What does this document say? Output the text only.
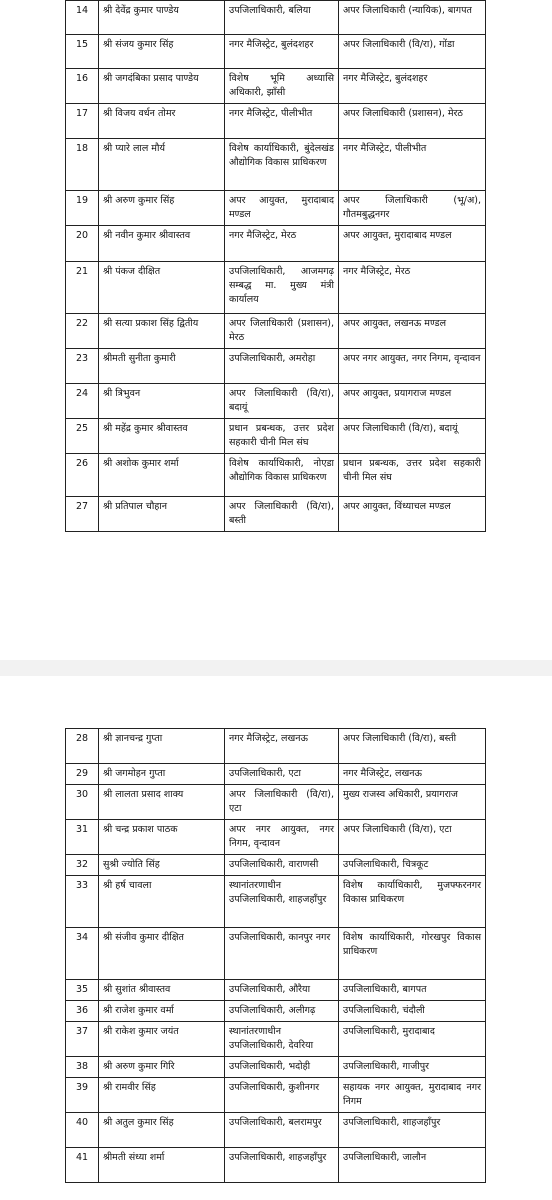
14	श्री देवेंद्र कुमार पाण्डेय	उपजिलाधिकारी, बलिया	अपर जिलाधिकारी (न्यायिक), बागपत
15	श्री संजय कुमार सिंह	नगर मैजिस्ट्रेट, बुलंदशहर	अपर जिलाधिकारी (वि/रा), गोंडा
16	श्री जगदंबिका प्रसाद पाण्डेय	विशेष भूमि अध्यासि अधिकारी, झाँसी	नगर मैजिस्ट्रेट, बुलंदशहर
17	श्री विजय वर्धन तोमर	नगर मैजिस्ट्रेट, पीलीभीत	अपर जिलाधिकारी (प्रशासन), मेरठ
18	श्री प्यारे लाल मौर्य	विशेष कार्याधिकारी, बुंदेलखंड औद्योगिक विकास प्राधिकरण	नगर मैजिस्ट्रेट, पीलीभीत
19	श्री अरुण कुमार सिंह	अपर आयुक्त, मुरादाबाद मण्डल	अपर जिलाधिकारी (भू/अ), गौतमबुद्धनगर
20	श्री नवीन कुमार श्रीवास्तव	नगर मैजिस्ट्रेट, मेरठ	अपर आयुक्त, मुरादाबाद मण्डल
21	श्री पंकज दीक्षित	उपजिलाधिकारी, आजमगढ़ सम्बद्ध मा. मुख्य मंत्री कार्यालय	नगर मैजिस्ट्रेट, मेरठ
22	श्री सत्या प्रकाश सिंह द्वितीय	अपर जिलाधिकारी (प्रशासन), मेरठ	अपर आयुक्त, लखनऊ मण्डल
23	श्रीमती सुनीता कुमारी	उपजिलाधिकारी, अमरोहा	अपर नगर आयुक्त, नगर निगम, वृन्दावन
24	श्री त्रिभुवन	अपर जिलाधिकारी (वि/रा), बदायूं	अपर आयुक्त, प्रयागराज मण्डल
25	श्री महेंद्र कुमार श्रीवास्तव	प्रधान प्रबन्धक, उत्तर प्रदेश सहकारी चीनी मिल संघ	अपर जिलाधिकारी (वि/रा), बदायूं
26	श्री अशोक कुमार शर्मा	विशेष कार्याधिकारी, नोएडा औद्योगिक विकास प्राधिकरण	प्रधान प्रबन्धक, उत्तर प्रदेश सहकारी चीनी मिल संघ
27	श्री प्रतिपाल चौहान	अपर जिलाधिकारी (वि/रा), बस्ती	अपर आयुक्त, विंध्याचल मण्डल
28	श्री ज्ञानचन्द्र गुप्ता	नगर मैजिस्ट्रेट, लखनऊ	अपर जिलाधिकारी (वि/रा), बस्ती
29	श्री जगमोहन गुप्ता	उपजिलाधिकारी, एटा	नगर मैजिस्ट्रेट, लखनऊ
30	श्री लालता प्रसाद शाक्य	अपर जिलाधिकारी (वि/रा), एटा	मुख्य राजस्व अधिकारी, प्रयागराज
31	श्री चन्द्र प्रकाश पाठक	अपर नगर आयुक्त, नगर निगम, वृन्दावन	अपर जिलाधिकारी (वि/रा), एटा
32	सुश्री ज्योति सिंह	उपजिलाधिकारी, वाराणसी	उपजिलाधिकारी, चित्रकूट
33	श्री हर्ष चावला	स्थानांतरणाधीन उपजिलाधिकारी, शाहजहाँपुर	विशेष कार्याधिकारी, मुजफ्फरनगर विकास प्राधिकरण
34	श्री संजीव कुमार दीक्षित	उपजिलाधिकारी, कानपुर नगर	विशेष कार्याधिकारी, गोरखपुर विकास प्राधिकरण
35	श्री सुशांत श्रीवास्तव	उपजिलाधिकारी, औरैया	उपजिलाधिकारी, बागपत
36	श्री राजेश कुमार वर्मा	उपजिलाधिकारी, अलीगढ़	उपजिलाधिकारी, चंदौली
37	श्री राकेश कुमार जयंत	स्थानांतरणाधीन उपजिलाधिकारी, देवरिया	उपजिलाधिकारी, मुरादाबाद
38	श्री अरुण कुमार गिरि	उपजिलाधिकारी, भदोही	उपजिलाधिकारी, गाजीपुर
39	श्री रामवीर सिंह	उपजिलाधिकारी, कुशीनगर	सहायक नगर आयुक्त, मुरादाबाद नगर निगम
40	श्री अतुल कुमार सिंह	उपजिलाधिकारी, बलरामपुर	उपजिलाधिकारी, शाहजहाँपुर
41	श्रीमती संध्या शर्मा	उपजिलाधिकारी, शाहजहाँपुर	उपजिलाधिकारी, जालौन
